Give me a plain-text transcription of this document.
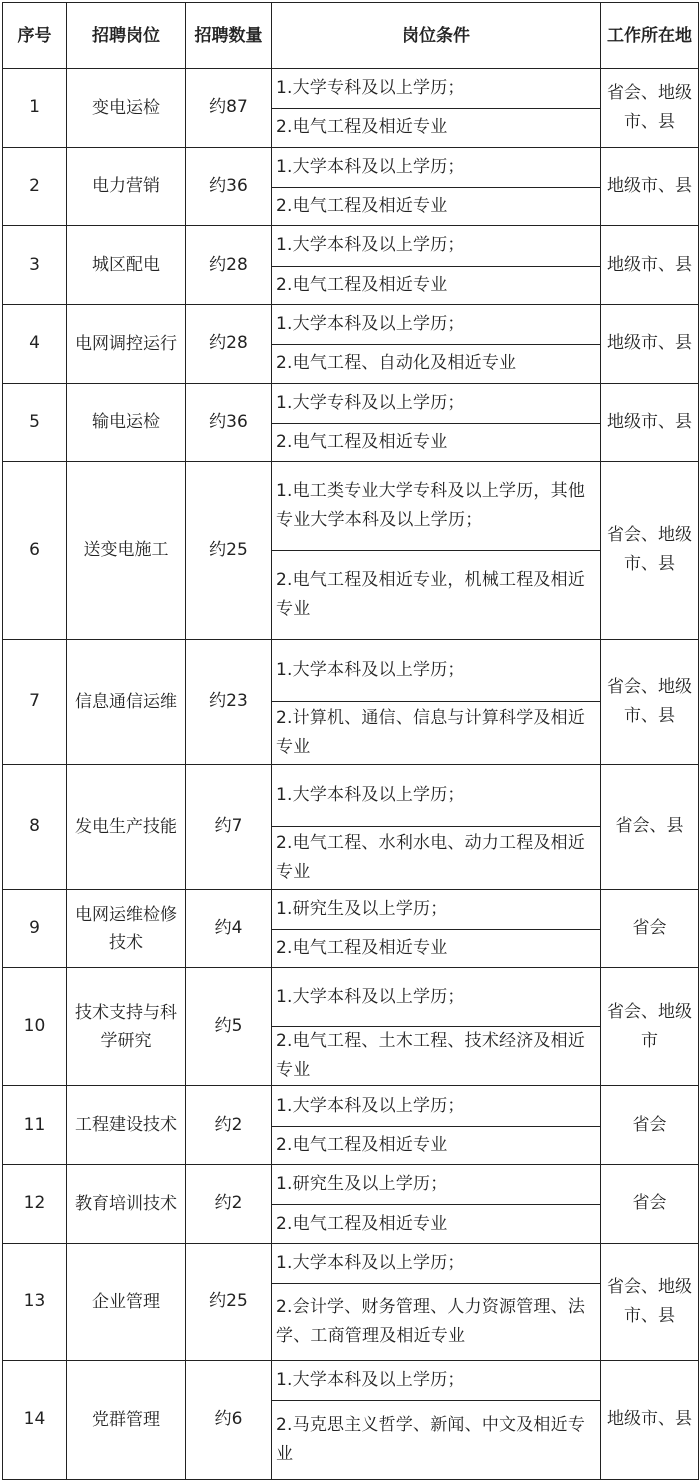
序号	招聘岗位	招聘数量	岗位条件	工作所在地
1	变电运检	约87	1.大学专科及以上学历；	省会、地级市、县
			2.电气工程及相近专业	
2	电力营销	约36	1.大学本科及以上学历；	地级市、县
			2.电气工程及相近专业	
3	城区配电	约28	1.大学本科及以上学历；	地级市、县
			2.电气工程及相近专业	
4	电网调控运行	约28	1.大学本科及以上学历；	地级市、县
			2.电气工程、自动化及相近专业	
5	输电运检	约36	1.大学专科及以上学历；	地级市、县
			2.电气工程及相近专业	
6	送变电施工	约25	1.电工类专业大学专科及以上学历，其他专业大学本科及以上学历；	省会、地级市、县
			2.电气工程及相近专业，机械工程及相近专业	
7	信息通信运维	约23	1.大学本科及以上学历；	省会、地级市、县
			2.计算机、通信、信息与计算科学及相近专业	
8	发电生产技能	约7	1.大学本科及以上学历；	省会、县
			2.电气工程、水利水电、动力工程及相近专业	
9	电网运维检修技术	约4	1.研究生及以上学历；	省会
			2.电气工程及相近专业	
10	技术支持与科学研究	约5	1.大学本科及以上学历；	省会、地级市
			2.电气工程、土木工程、技术经济及相近专业	
11	工程建设技术	约2	1.大学本科及以上学历；	省会
			2.电气工程及相近专业	
12	教育培训技术	约2	1.研究生及以上学历；	省会
			2.电气工程及相近专业	
13	企业管理	约25	1.大学本科及以上学历；	省会、地级市、县
			2.会计学、财务管理、人力资源管理、法学、工商管理及相近专业	
14	党群管理	约6	1.大学本科及以上学历；	地级市、县
			2.马克思主义哲学、新闻、中文及相近专业	
